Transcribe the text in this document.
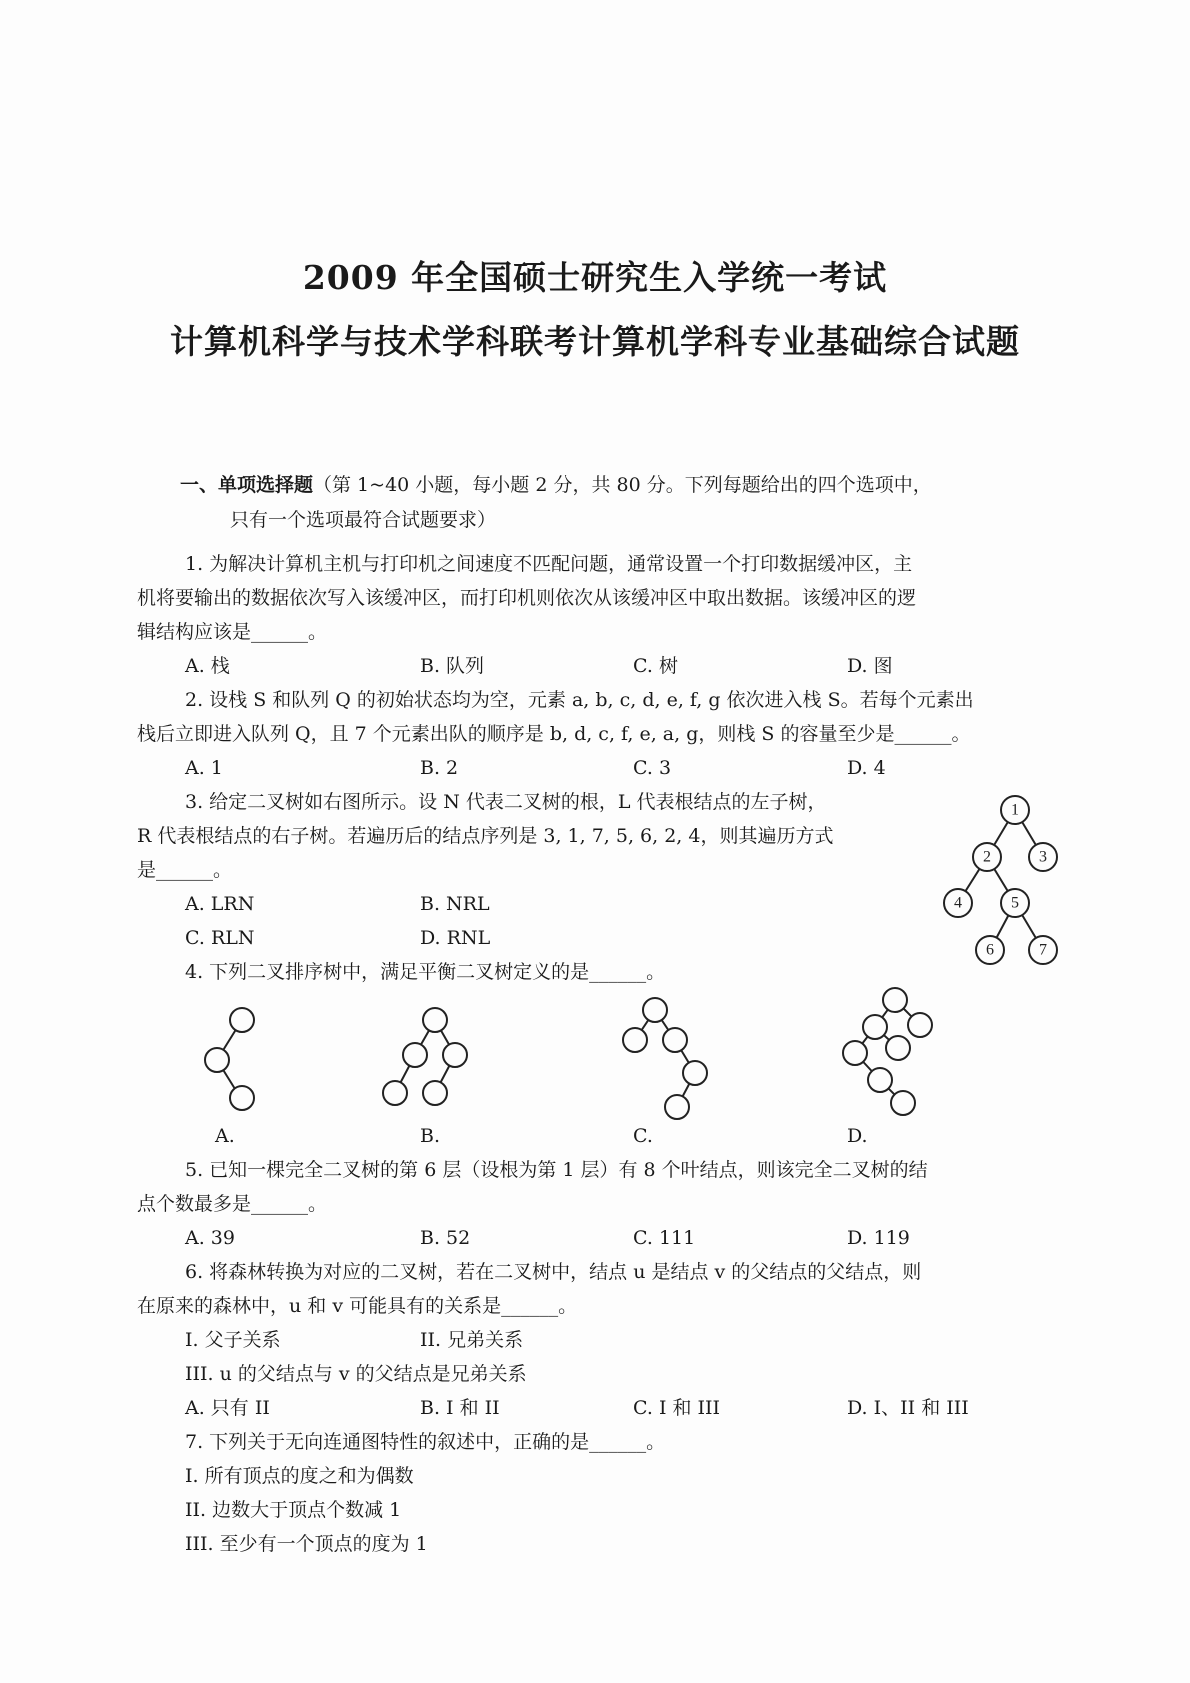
2009 年全国硕士研究生入学统一考试
计算机科学与技术学科联考计算机学科专业基础综合试题
一、单项选择题（第 1~40 小题，每小题 2 分，共 80 分。下列每题给出的四个选项中，
只有一个选项最符合试题要求）
1. 为解决计算机主机与打印机之间速度不匹配问题，通常设置一个打印数据缓冲区，主
机将要输出的数据依次写入该缓冲区，而打印机则依次从该缓冲区中取出数据。该缓冲区的逻
辑结构应该是______。
A. 栈	B. 队列	C. 树	D. 图
2. 设栈 S 和队列 Q 的初始状态均为空，元素 a, b, c, d, e, f, g 依次进入栈 S。若每个元素出
栈后立即进入队列 Q，且 7 个元素出队的顺序是 b, d, c, f, e, a, g，则栈 S 的容量至少是______。
A. 1	B. 2	C. 3	D. 4
3. 给定二叉树如右图所示。设 N 代表二叉树的根，L 代表根结点的左子树，
R 代表根结点的右子树。若遍历后的结点序列是 3, 1, 7, 5, 6, 2, 4，则其遍历方式
是______。
A. LRN	B. NRL
C. RLN	D. RNL
1
2	3
4	5
6	7
4. 下列二叉排序树中，满足平衡二叉树定义的是______。
A.	B.	C.	D.
5. 已知一棵完全二叉树的第 6 层（设根为第 1 层）有 8 个叶结点，则该完全二叉树的结
点个数最多是______。
A. 39	B. 52	C. 111	D. 119
6. 将森林转换为对应的二叉树，若在二叉树中，结点 u 是结点 v 的父结点的父结点，则
在原来的森林中，u 和 v 可能具有的关系是______。
I. 父子关系	II. 兄弟关系
III. u 的父结点与 v 的父结点是兄弟关系
A. 只有 II	B. I 和 II	C. I 和 III	D. I、II 和 III
7. 下列关于无向连通图特性的叙述中，正确的是______。
I. 所有顶点的度之和为偶数
II. 边数大于顶点个数减 1
III. 至少有一个顶点的度为 1
